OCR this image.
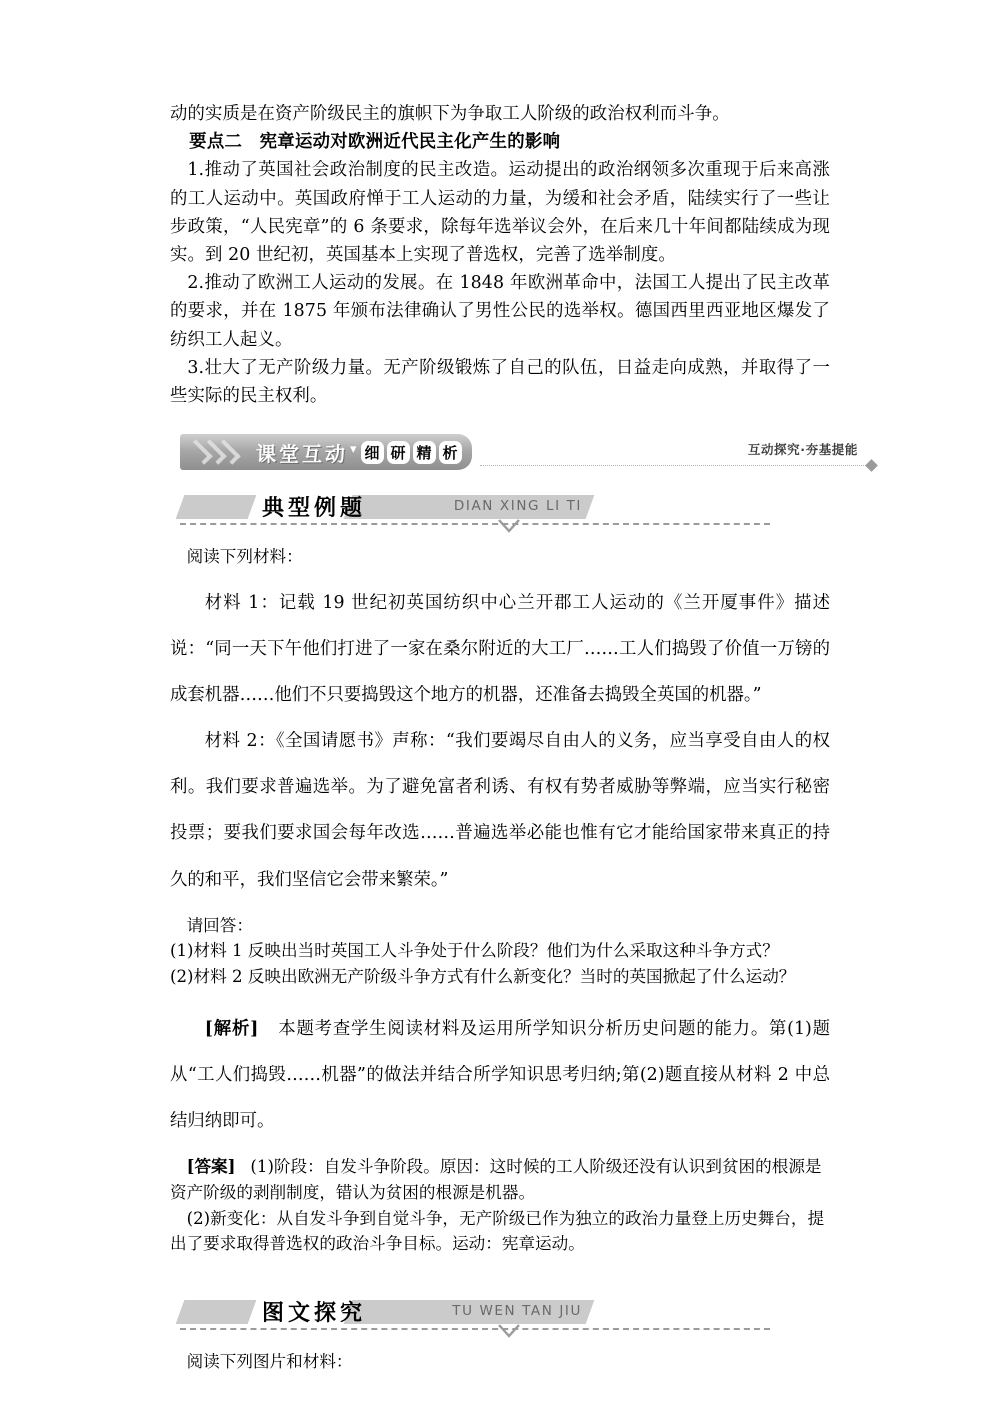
动的实质是在资产阶级民主的旗帜下为争取工人阶级的政治权利而斗争。

要点二 宪章运动对欧洲近代民主化产生的影响

1.推动了英国社会政治制度的民主改造。运动提出的政治纲领多次重现于后来高涨的工人运动中。英国政府惮于工人运动的力量，为缓和社会矛盾，陆续实行了一些让步政策，“人民宪章”的 6 条要求，除每年选举议会外，在后来几十年间都陆续成为现实。到 20 世纪初，英国基本上实现了普选权，完善了选举制度。

2.推动了欧洲工人运动的发展。在 1848 年欧洲革命中，法国工人提出了民主改革的要求，并在 1875 年颁布法律确认了男性公民的选举权。德国西里西亚地区爆发了纺织工人起义。

3.壮大了无产阶级力量。无产阶级锻炼了自己的队伍，日益走向成熟，并取得了一些实际的民主权利。

课堂互动 ▾ 细 研 精 析	互动探究·夯基提能
典型例题	DIAN XING LI TI

阅读下列材料：

材料 1：记载 19 世纪初英国纺织中心兰开郡工人运动的《兰开厦事件》描述说：“同一天下午他们打进了一家在桑尔附近的大工厂……工人们捣毁了价值一万镑的成套机器……他们不只要捣毁这个地方的机器，还准备去捣毁全英国的机器。”

材料 2：《全国请愿书》声称：“我们要竭尽自由人的义务，应当享受自由人的权利。我们要求普遍选举。为了避免富者利诱、有权有势者威胁等弊端，应当实行秘密投票；要我们要求国会每年改选……普遍选举必能也惟有它才能给国家带来真正的持久的和平，我们坚信它会带来繁荣。”

请回答：

(1)材料 1 反映出当时英国工人斗争处于什么阶段？他们为什么采取这种斗争方式？

(2)材料 2 反映出欧洲无产阶级斗争方式有什么新变化？当时的英国掀起了什么运动？

[解析] 本题考查学生阅读材料及运用所学知识分析历史问题的能力。第(1)题从“工人们捣毁……机器”的做法并结合所学知识思考归纳;第(2)题直接从材料 2 中总结归纳即可。

[答案] (1)阶段：自发斗争阶段。原因：这时候的工人阶级还没有认识到贫困的根源是资产阶级的剥削制度，错认为贫困的根源是机器。

(2)新变化：从自发斗争到自觉斗争，无产阶级已作为独立的政治力量登上历史舞台，提出了要求取得普选权的政治斗争目标。运动：宪章运动。

图文探究	TU WEN TAN JIU

阅读下列图片和材料：
